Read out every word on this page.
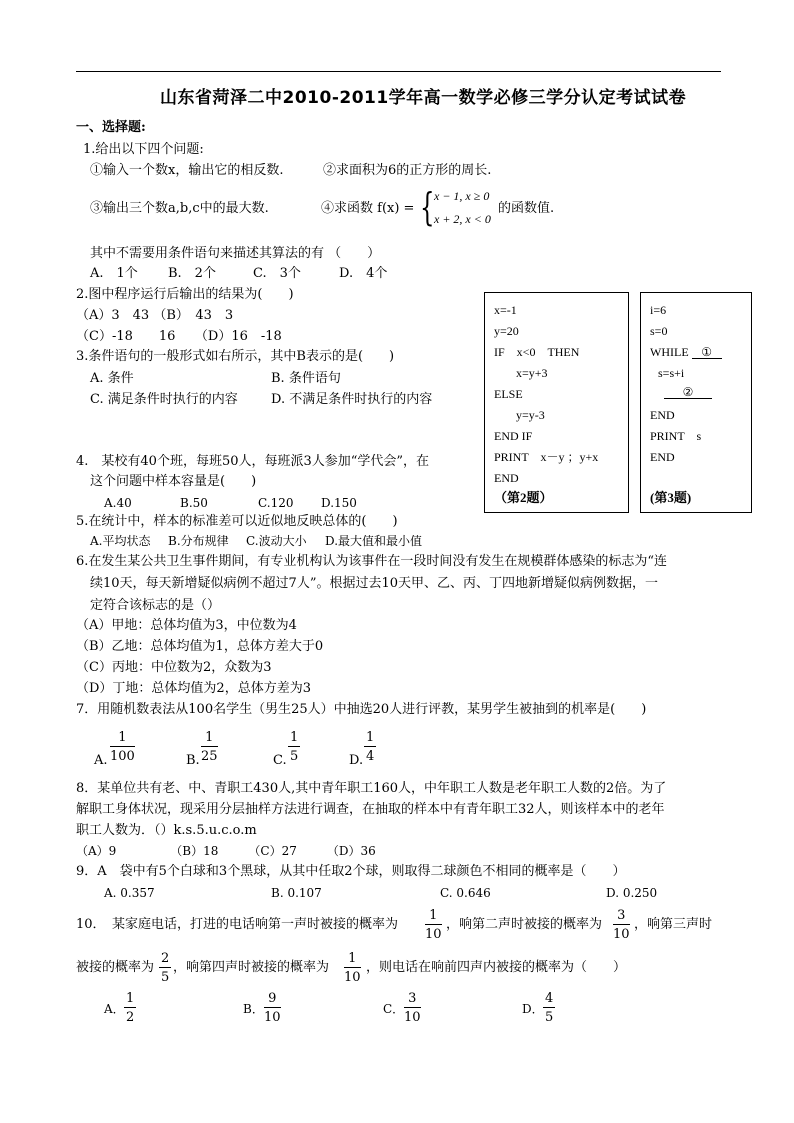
山东省菏泽二中2010-2011学年高一数学必修三学分认定考试试卷
一、选择题:
1.给出以下四个问题:
①输入一个数x，输出它的相反数.	②求面积为6的正方形的周长.
③输出三个数a,b,c中的最大数.	④求函数 f(x) = { x − 1, x ≥ 0
x + 2, x < 0
的函数值.
其中不需要用条件语句来描述其算法的有 （　　）
A.　1个 B.　2个	C.　3个	D.　4个
2.图中程序运行后输出的结果为(　　)
（A）3　43 （B）　43　3
（C）-18　　16　　（D）16　-18
3.条件语句的一般形式如右所示，其中B表示的是(　　)
A. 条件	B. 条件语句
C. 满足条件时执行的内容	D. 不满足条件时执行的内容
4.　某校有40个班，每班50人，每班派3人参加“学代会”，在
这个问题中样本容量是(　　)
A.40	B.50	C.120 D.150
x=-1
y=20
IF　x<0　THEN
x=y+3
ELSE
y=y-3
END IF
PRINT　x－y ；y+x
END
（第2题）
i=6
s=0
WHILE ①
s=s+i
②
END
PRINT　s
END
(第3题)
5.在统计中，样本的标准差可以近似地反映总体的(　　)
A.平均状态 B.分布规律 C.波动大小 D.最大值和最小值
6.在发生某公共卫生事件期间，有专业机构认为该事件在一段时间没有发生在规模群体感染的标志为“连
续10天，每天新增疑似病例不超过7人”。根据过去10天甲、乙、丙、丁四地新增疑似病例数据，一
定符合该标志的是（）
（A）甲地：总体均值为3，中位数为4
（B）乙地：总体均值为1，总体方差大于0
（C）丙地：中位数为2，众数为3
（D）丁地：总体均值为2，总体方差为3
7．用随机数表法从100名学生（男生25人）中抽选20人进行评教，某男学生被抽到的机率是(　　)
A. $\frac{1}{100}$	B. $\frac{1}{25}$	C. $\frac{1}{5}$	D. $\frac{1}{4}$
8．某单位共有老、中、青职工430人,其中青年职工160人，中年职工人数是老年职工人数的2倍。为了
解职工身体状况，现采用分层抽样方法进行调查，在抽取的样本中有青年职工32人，则该样本中的老年
职工人数为．（）k.s.5.u.c.o.m
（A）9　　　　　（B）18　　　（C）27　　　（D）36
9．A　袋中有5个白球和3个黑球，从其中任取2个球，则取得二球颜色不相同的概率是（　　）
A. 0.357	B. 0.107	C. 0.646	D. 0.250
10．　某家庭电话，打进的电话响第一声时被接的概率为 $\frac{1}{10}$ ，响第二声时被接的概率为 $\frac{3}{10}$ ，响第三声时
被接的概率为 $\frac{2}{5}$ ，响第四声时被接的概率为 $\frac{1}{10}$ ，则电话在响前四声内被接的概率为（　　）
A． $\frac{1}{2}$	B． $\frac{9}{10}$	C． $\frac{3}{10}$	D． $\frac{4}{5}$
